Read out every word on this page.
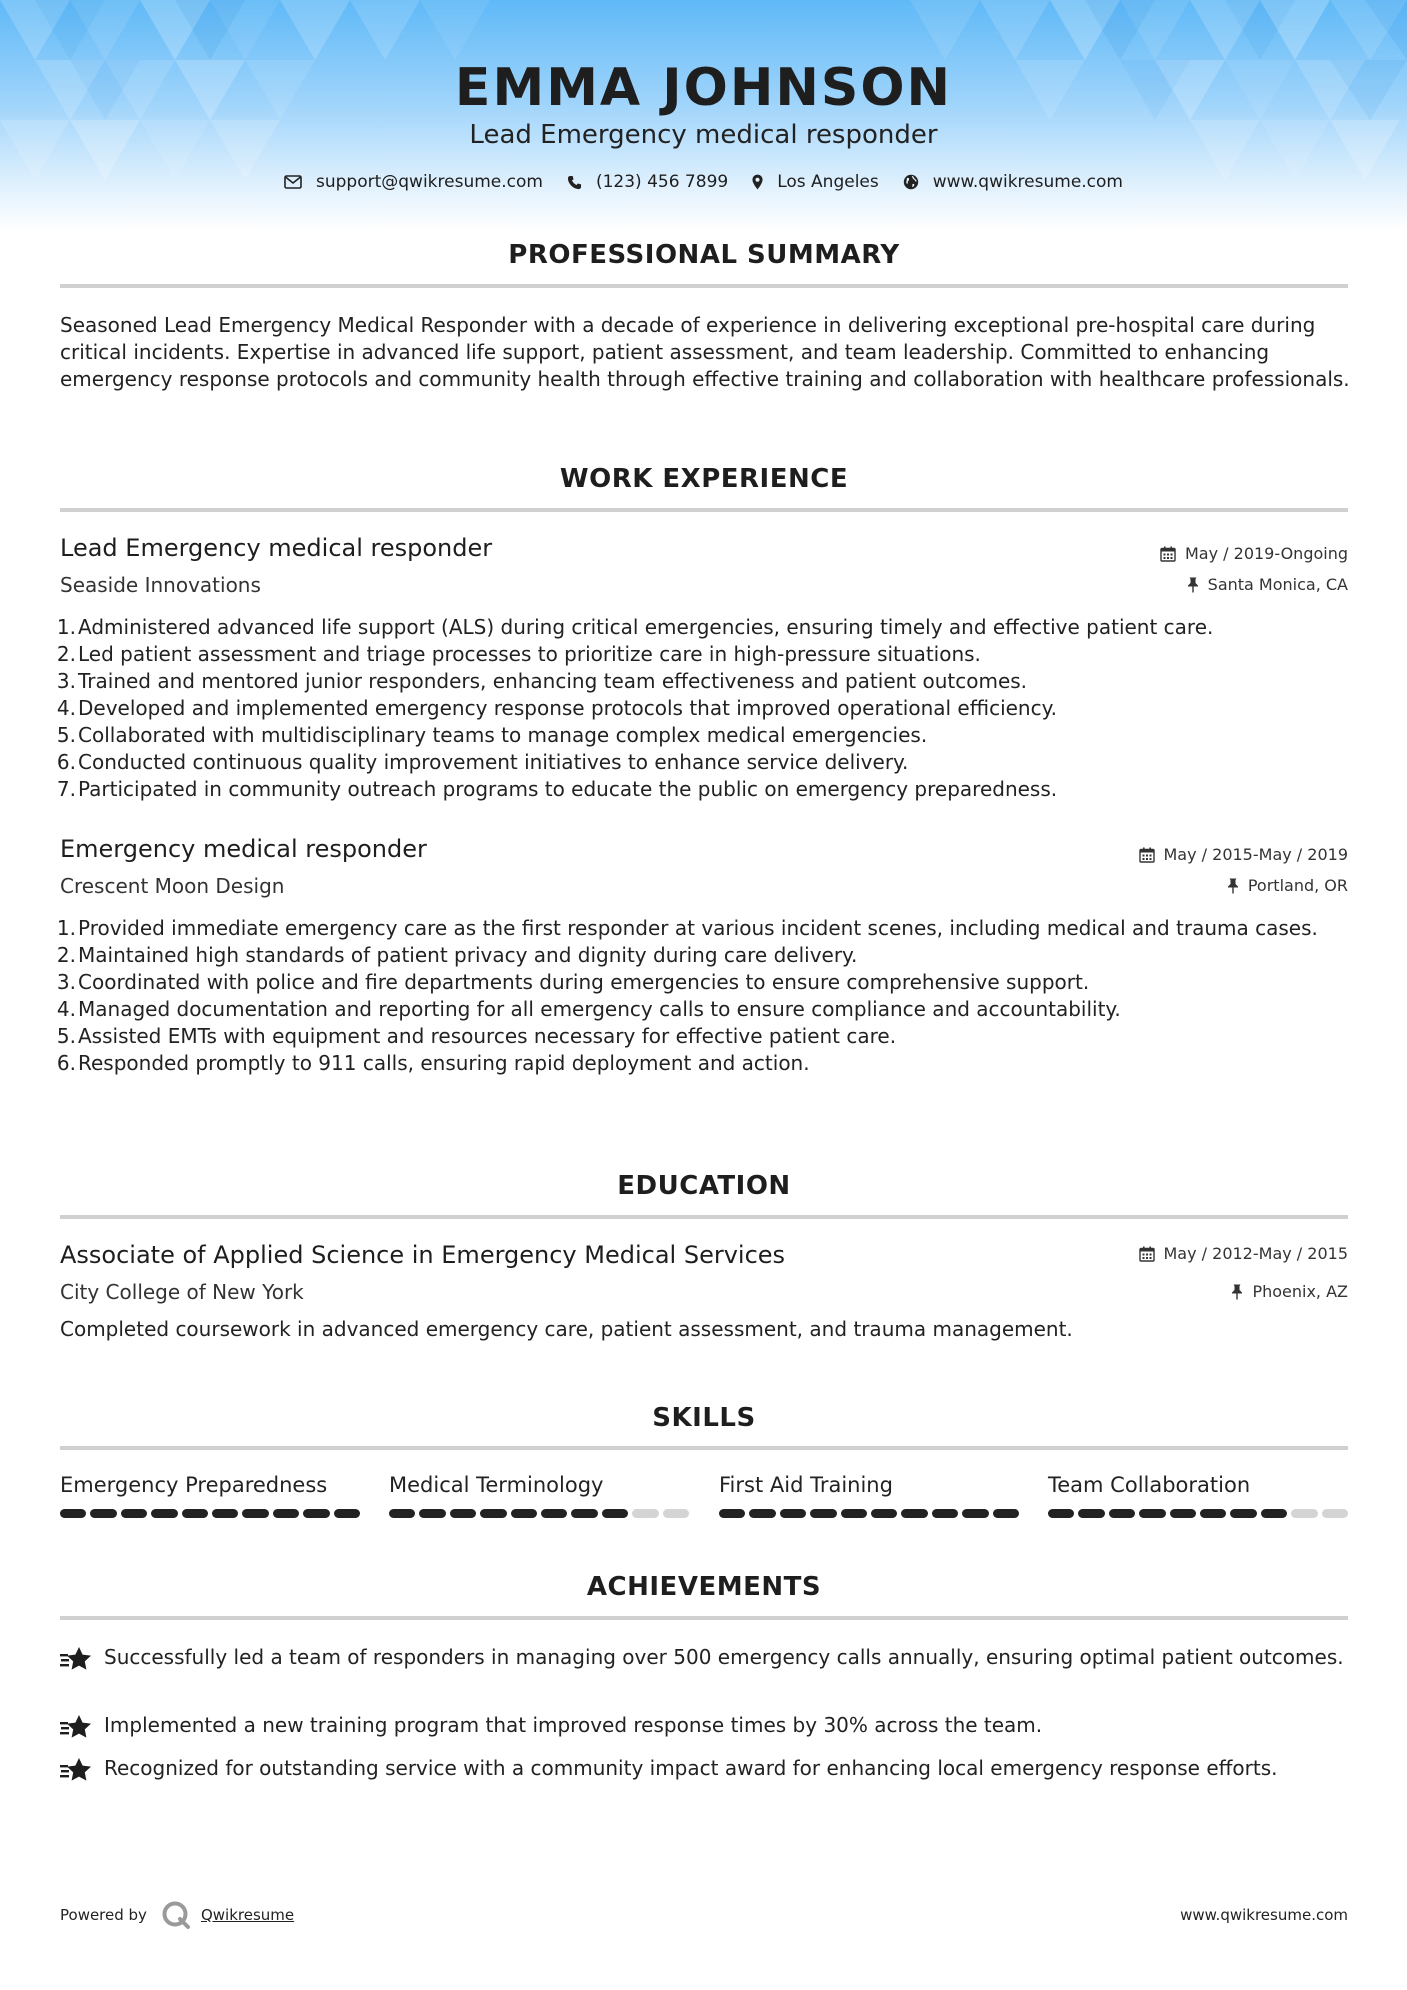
EMMA JOHNSON
Lead Emergency medical responder
support@qwikresume.com	(123) 456 7899	Los Angeles	www.qwikresume.com
PROFESSIONAL SUMMARY
Seasoned Lead Emergency Medical Responder with a decade of experience in delivering exceptional pre-hospital care during critical incidents. Expertise in advanced life support, patient assessment, and team leadership. Committed to enhancing emergency response protocols and community health through effective training and collaboration with healthcare professionals.
WORK EXPERIENCE
Lead Emergency medical responder	May / 2019-Ongoing
Seaside Innovations	Santa Monica, CA
1. Administered advanced life support (ALS) during critical emergencies, ensuring timely and effective patient care.
2. Led patient assessment and triage processes to prioritize care in high-pressure situations.
3. Trained and mentored junior responders, enhancing team effectiveness and patient outcomes.
4. Developed and implemented emergency response protocols that improved operational efficiency.
5. Collaborated with multidisciplinary teams to manage complex medical emergencies.
6. Conducted continuous quality improvement initiatives to enhance service delivery.
7. Participated in community outreach programs to educate the public on emergency preparedness.
Emergency medical responder	May / 2015-May / 2019
Crescent Moon Design	Portland, OR
1. Provided immediate emergency care as the first responder at various incident scenes, including medical and trauma cases.
2. Maintained high standards of patient privacy and dignity during care delivery.
3. Coordinated with police and fire departments during emergencies to ensure comprehensive support.
4. Managed documentation and reporting for all emergency calls to ensure compliance and accountability.
5. Assisted EMTs with equipment and resources necessary for effective patient care.
6. Responded promptly to 911 calls, ensuring rapid deployment and action.
EDUCATION
Associate of Applied Science in Emergency Medical Services	May / 2012-May / 2015
City College of New York	Phoenix, AZ
Completed coursework in advanced emergency care, patient assessment, and trauma management.
SKILLS
Emergency Preparedness	Medical Terminology	First Aid Training	Team Collaboration
ACHIEVEMENTS
Successfully led a team of responders in managing over 500 emergency calls annually, ensuring optimal patient outcomes.
Implemented a new training program that improved response times by 30% across the team.
Recognized for outstanding service with a community impact award for enhancing local emergency response efforts.
Powered by	Qwikresume	www.qwikresume.com
